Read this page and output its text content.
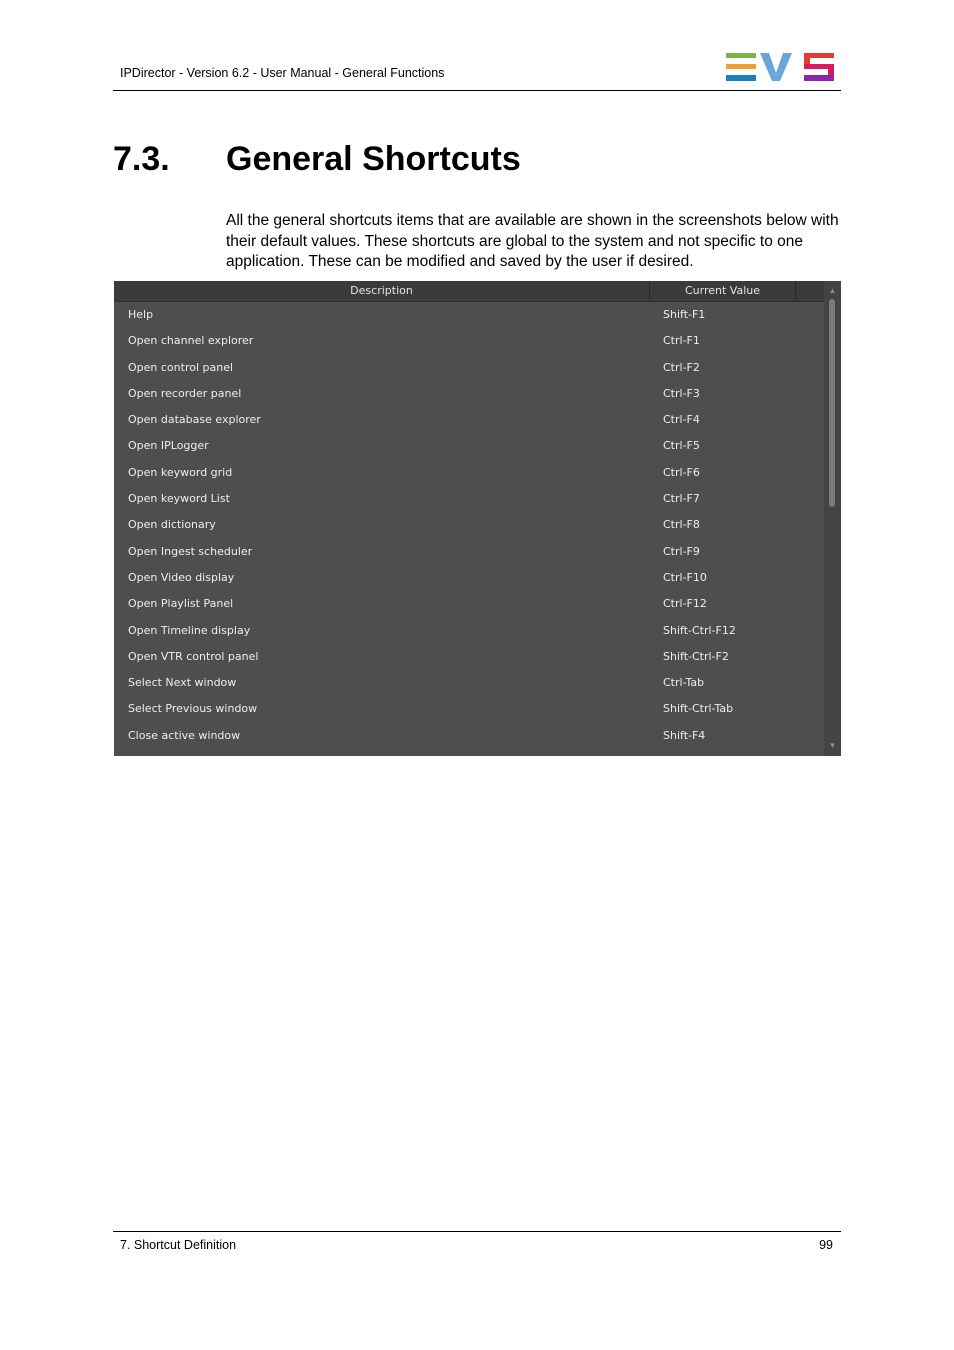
IPDirector - Version 6.2 - User Manual - General Functions
7.3. General Shortcuts
All the general shortcuts items that are available are shown in the screenshots below with their default values. These shortcuts are global to the system and not specific to one application. These can be modified and saved by the user if desired.
Description	Current Value
Help	Shift-F1
Open channel explorer	Ctrl-F1
Open control panel	Ctrl-F2
Open recorder panel	Ctrl-F3
Open database explorer	Ctrl-F4
Open IPLogger	Ctrl-F5
Open keyword grid	Ctrl-F6
Open keyword List	Ctrl-F7
Open dictionary	Ctrl-F8
Open Ingest scheduler	Ctrl-F9
Open Video display	Ctrl-F10
Open Playlist Panel	Ctrl-F12
Open Timeline display	Shift-Ctrl-F12
Open VTR control panel	Shift-Ctrl-F2
Select Next window	Ctrl-Tab
Select Previous window	Shift-Ctrl-Tab
Close active window	Shift-F4
▲
▼
7. Shortcut Definition	99
